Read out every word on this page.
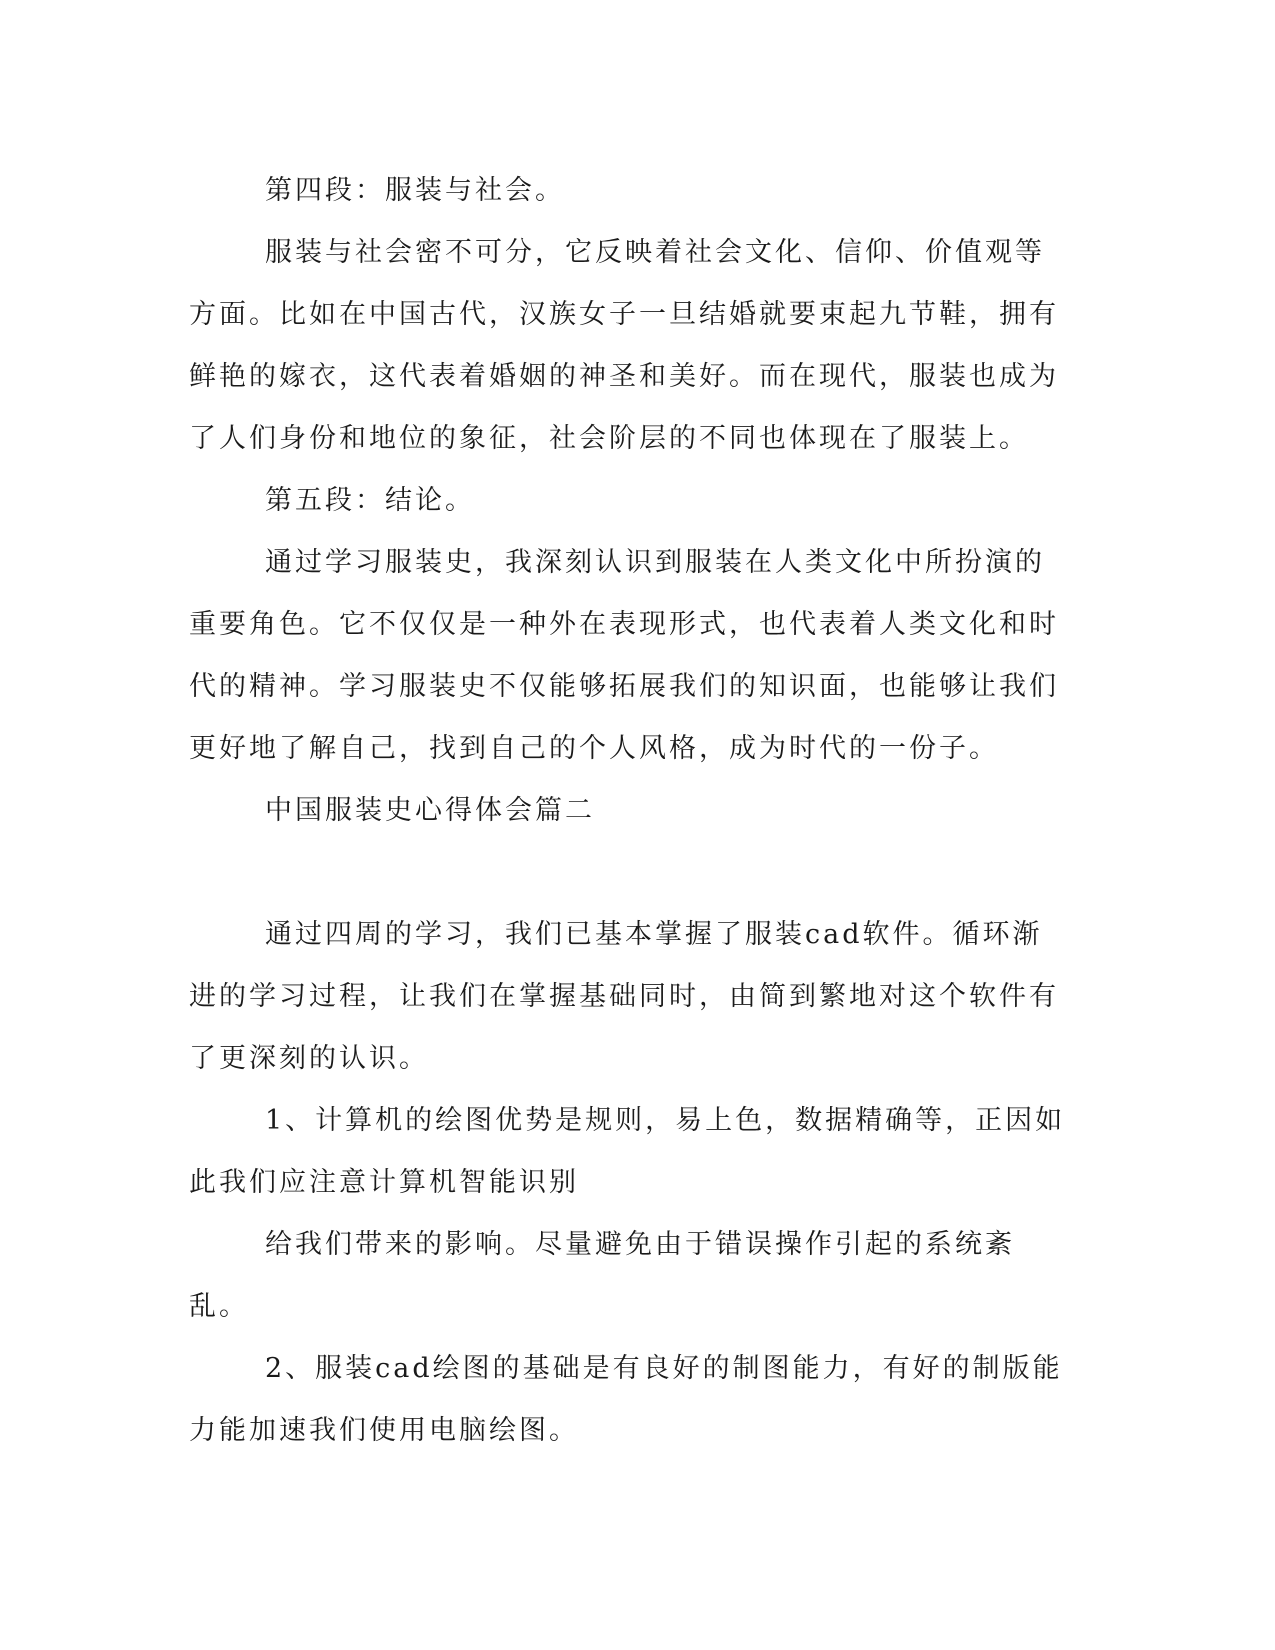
第四段：服装与社会。

服装与社会密不可分，它反映着社会文化、信仰、价值观等方面。比如在中国古代，汉族女子一旦结婚就要束起九节鞋，拥有鲜艳的嫁衣，这代表着婚姻的神圣和美好。而在现代，服装也成为了人们身份和地位的象征，社会阶层的不同也体现在了服装上。

第五段：结论。

通过学习服装史，我深刻认识到服装在人类文化中所扮演的重要角色。它不仅仅是一种外在表现形式，也代表着人类文化和时代的精神。学习服装史不仅能够拓展我们的知识面，也能够让我们更好地了解自己，找到自己的个人风格，成为时代的一份子。

中国服装史心得体会篇二

通过四周的学习，我们已基本掌握了服装cad软件。循环渐进的学习过程，让我们在掌握基础同时，由简到繁地对这个软件有了更深刻的认识。

1、计算机的绘图优势是规则，易上色，数据精确等，正因如此我们应注意计算机智能识别

给我们带来的影响。尽量避免由于错误操作引起的系统紊乱。

2、服装cad绘图的基础是有良好的制图能力，有好的制版能力能加速我们使用电脑绘图。
